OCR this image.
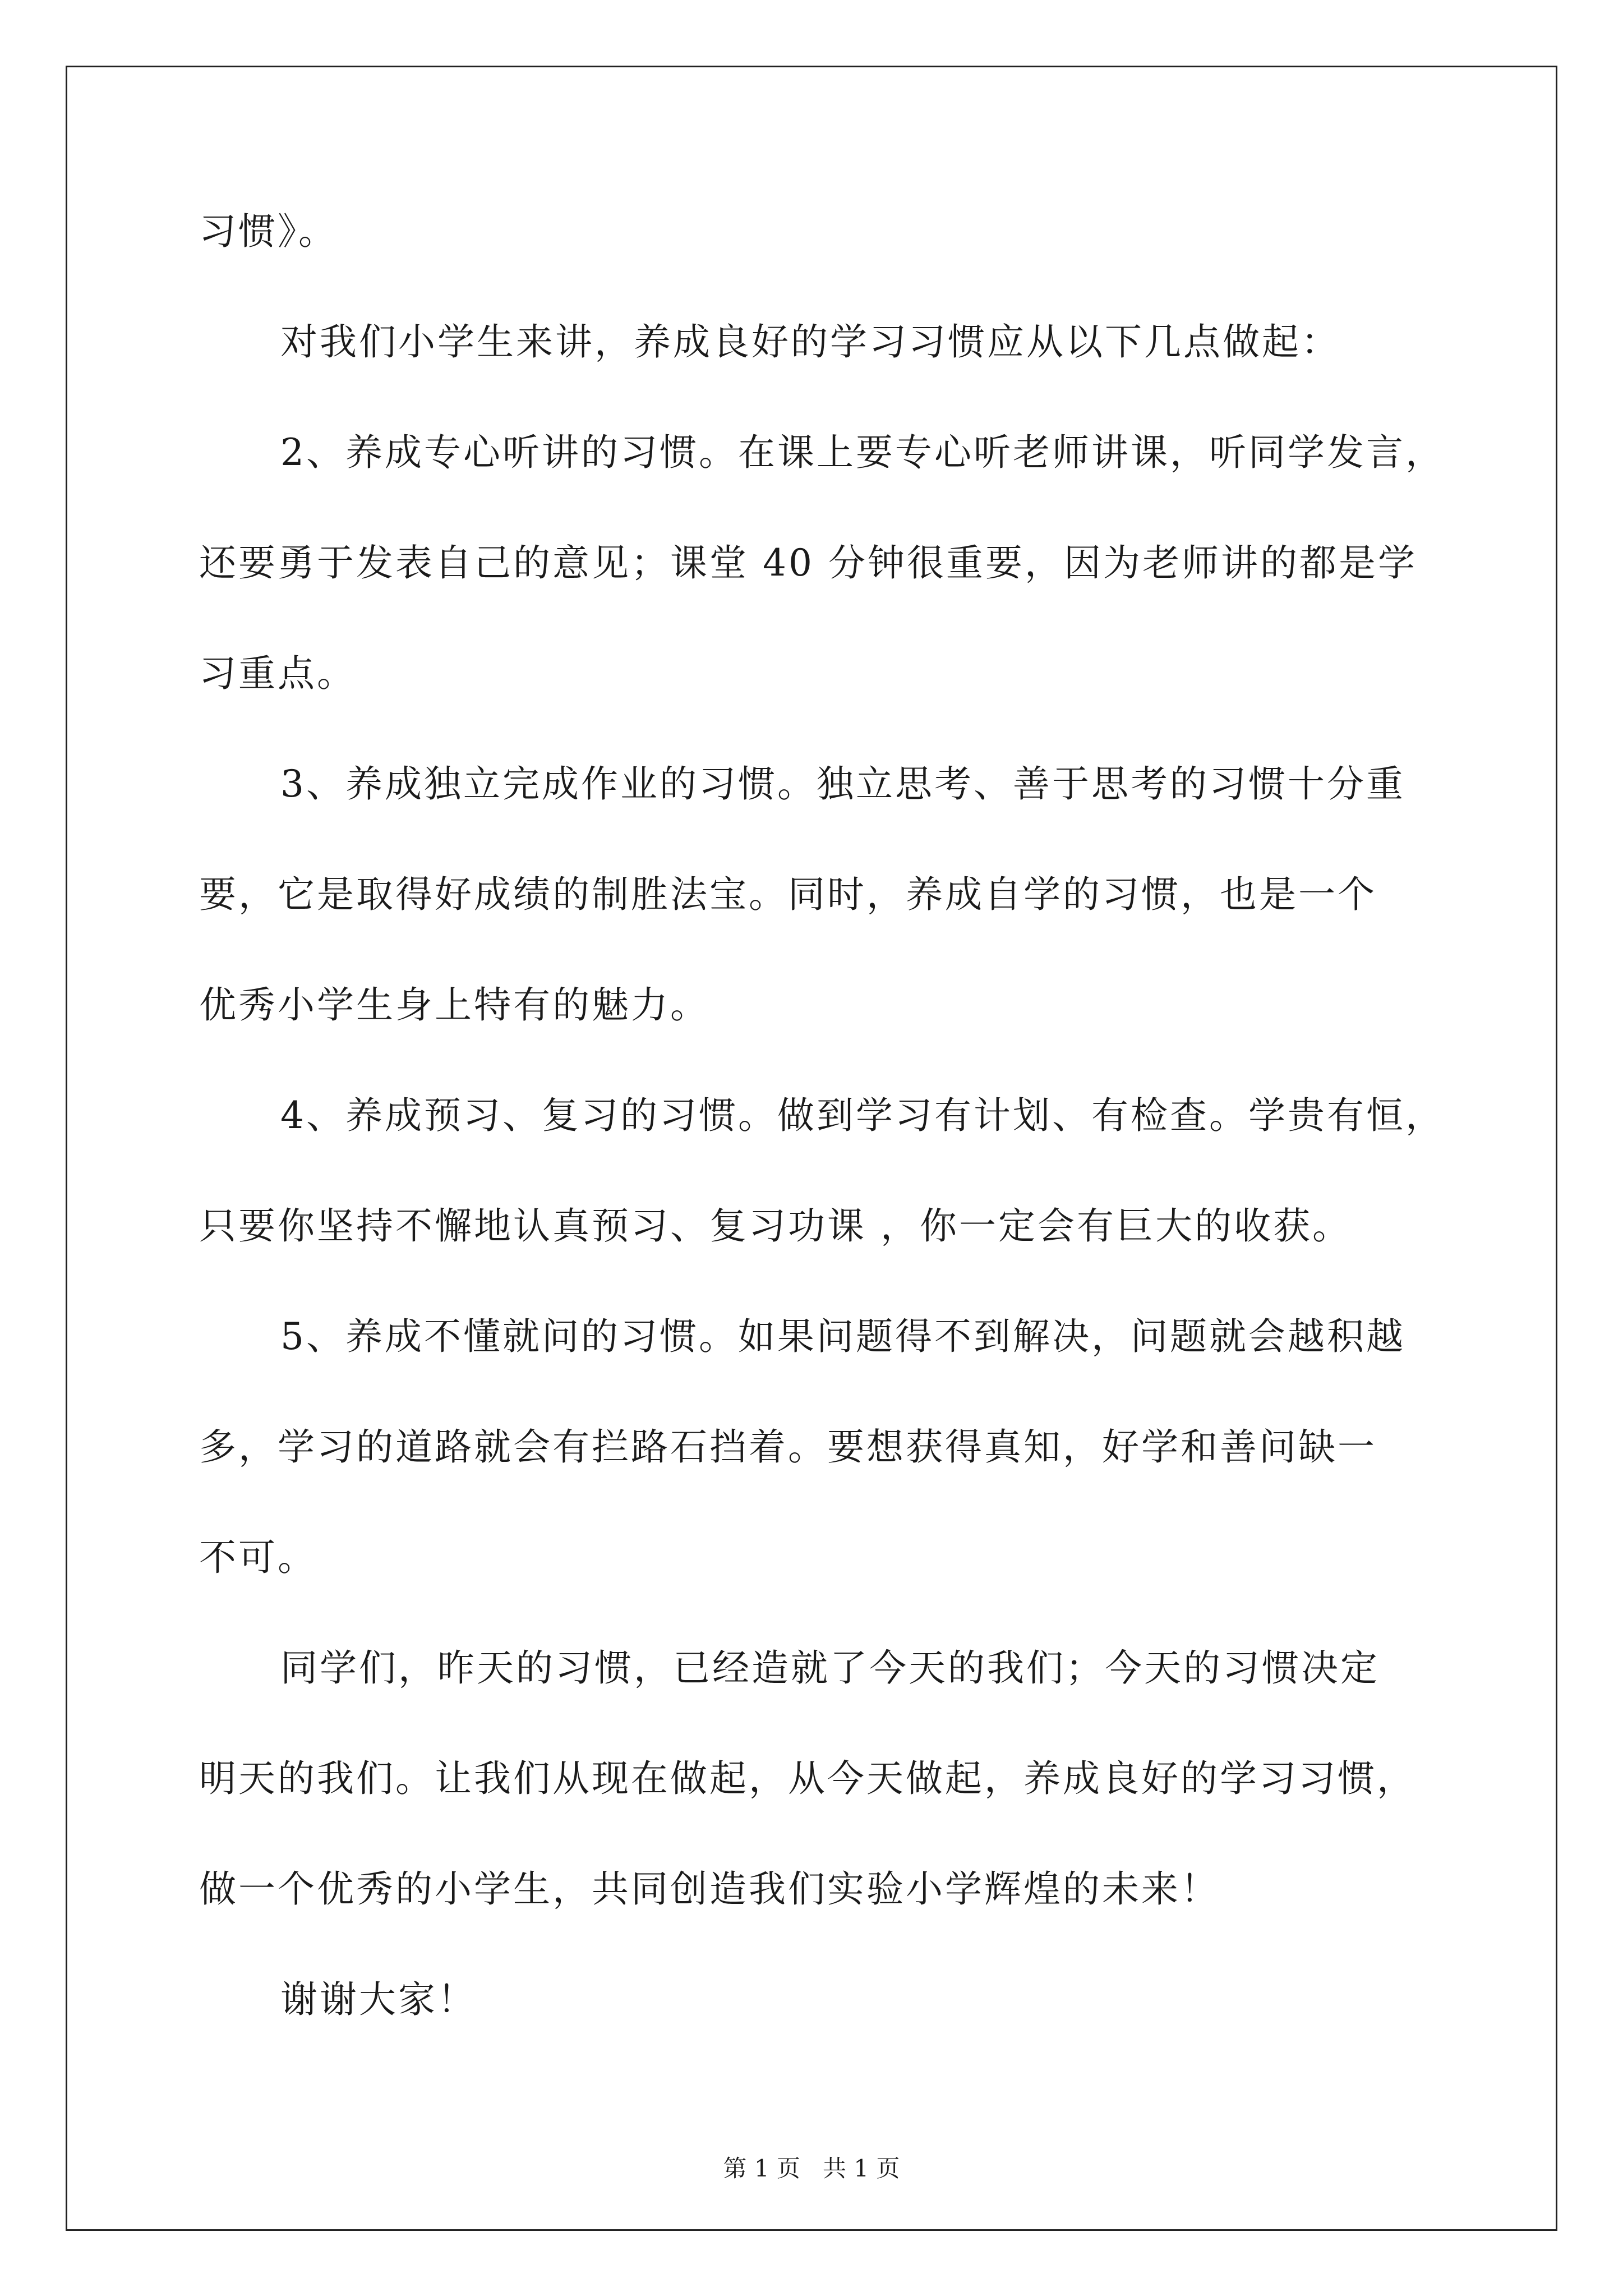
习惯》。
对我们小学生来讲，养成良好的学习习惯应从以下几点做起：
2、养成专心听讲的习惯。在课上要专心听老师讲课，听同学发言，
还要勇于发表自己的意见；课堂 40 分钟很重要，因为老师讲的都是学
习重点。
3、养成独立完成作业的习惯。独立思考、善于思考的习惯十分重
要，它是取得好成绩的制胜法宝。同时，养成自学的习惯，也是一个
优秀小学生身上特有的魅力。
4、养成预习、复习的习惯。做到学习有计划、有检查。学贵有恒，
只要你坚持不懈地认真预习、复习功课 ，你一定会有巨大的收获。
5、养成不懂就问的习惯。如果问题得不到解决，问题就会越积越
多，学习的道路就会有拦路石挡着。要想获得真知，好学和善问缺一
不可。
同学们，昨天的习惯，已经造就了今天的我们；今天的习惯决定
明天的我们。让我们从现在做起，从今天做起，养成良好的学习习惯，
做一个优秀的小学生，共同创造我们实验小学辉煌的未来！
谢谢大家！
第 1 页   共 1 页
